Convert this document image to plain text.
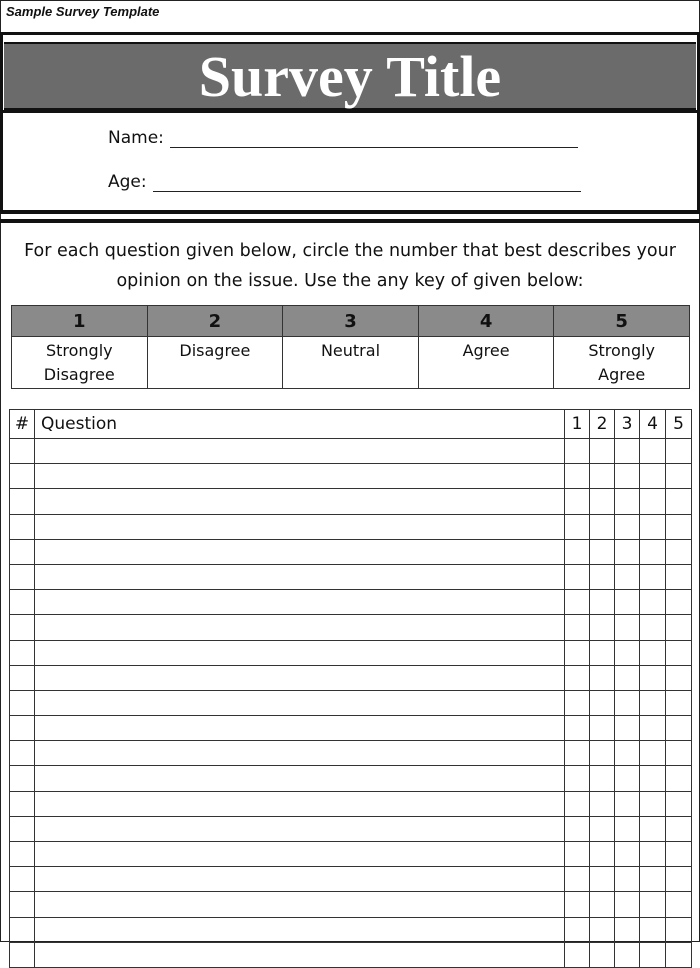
Sample Survey Template
Survey Title
Name:
Age:
For each question given below, circle the number that best describes your opinion on the issue. Use the any key of given below:
1	2	3	4	5

Strongly Disagree	Disagree	Neutral	Agree	Strongly Agree
#	Question	1	2	3	4	5
